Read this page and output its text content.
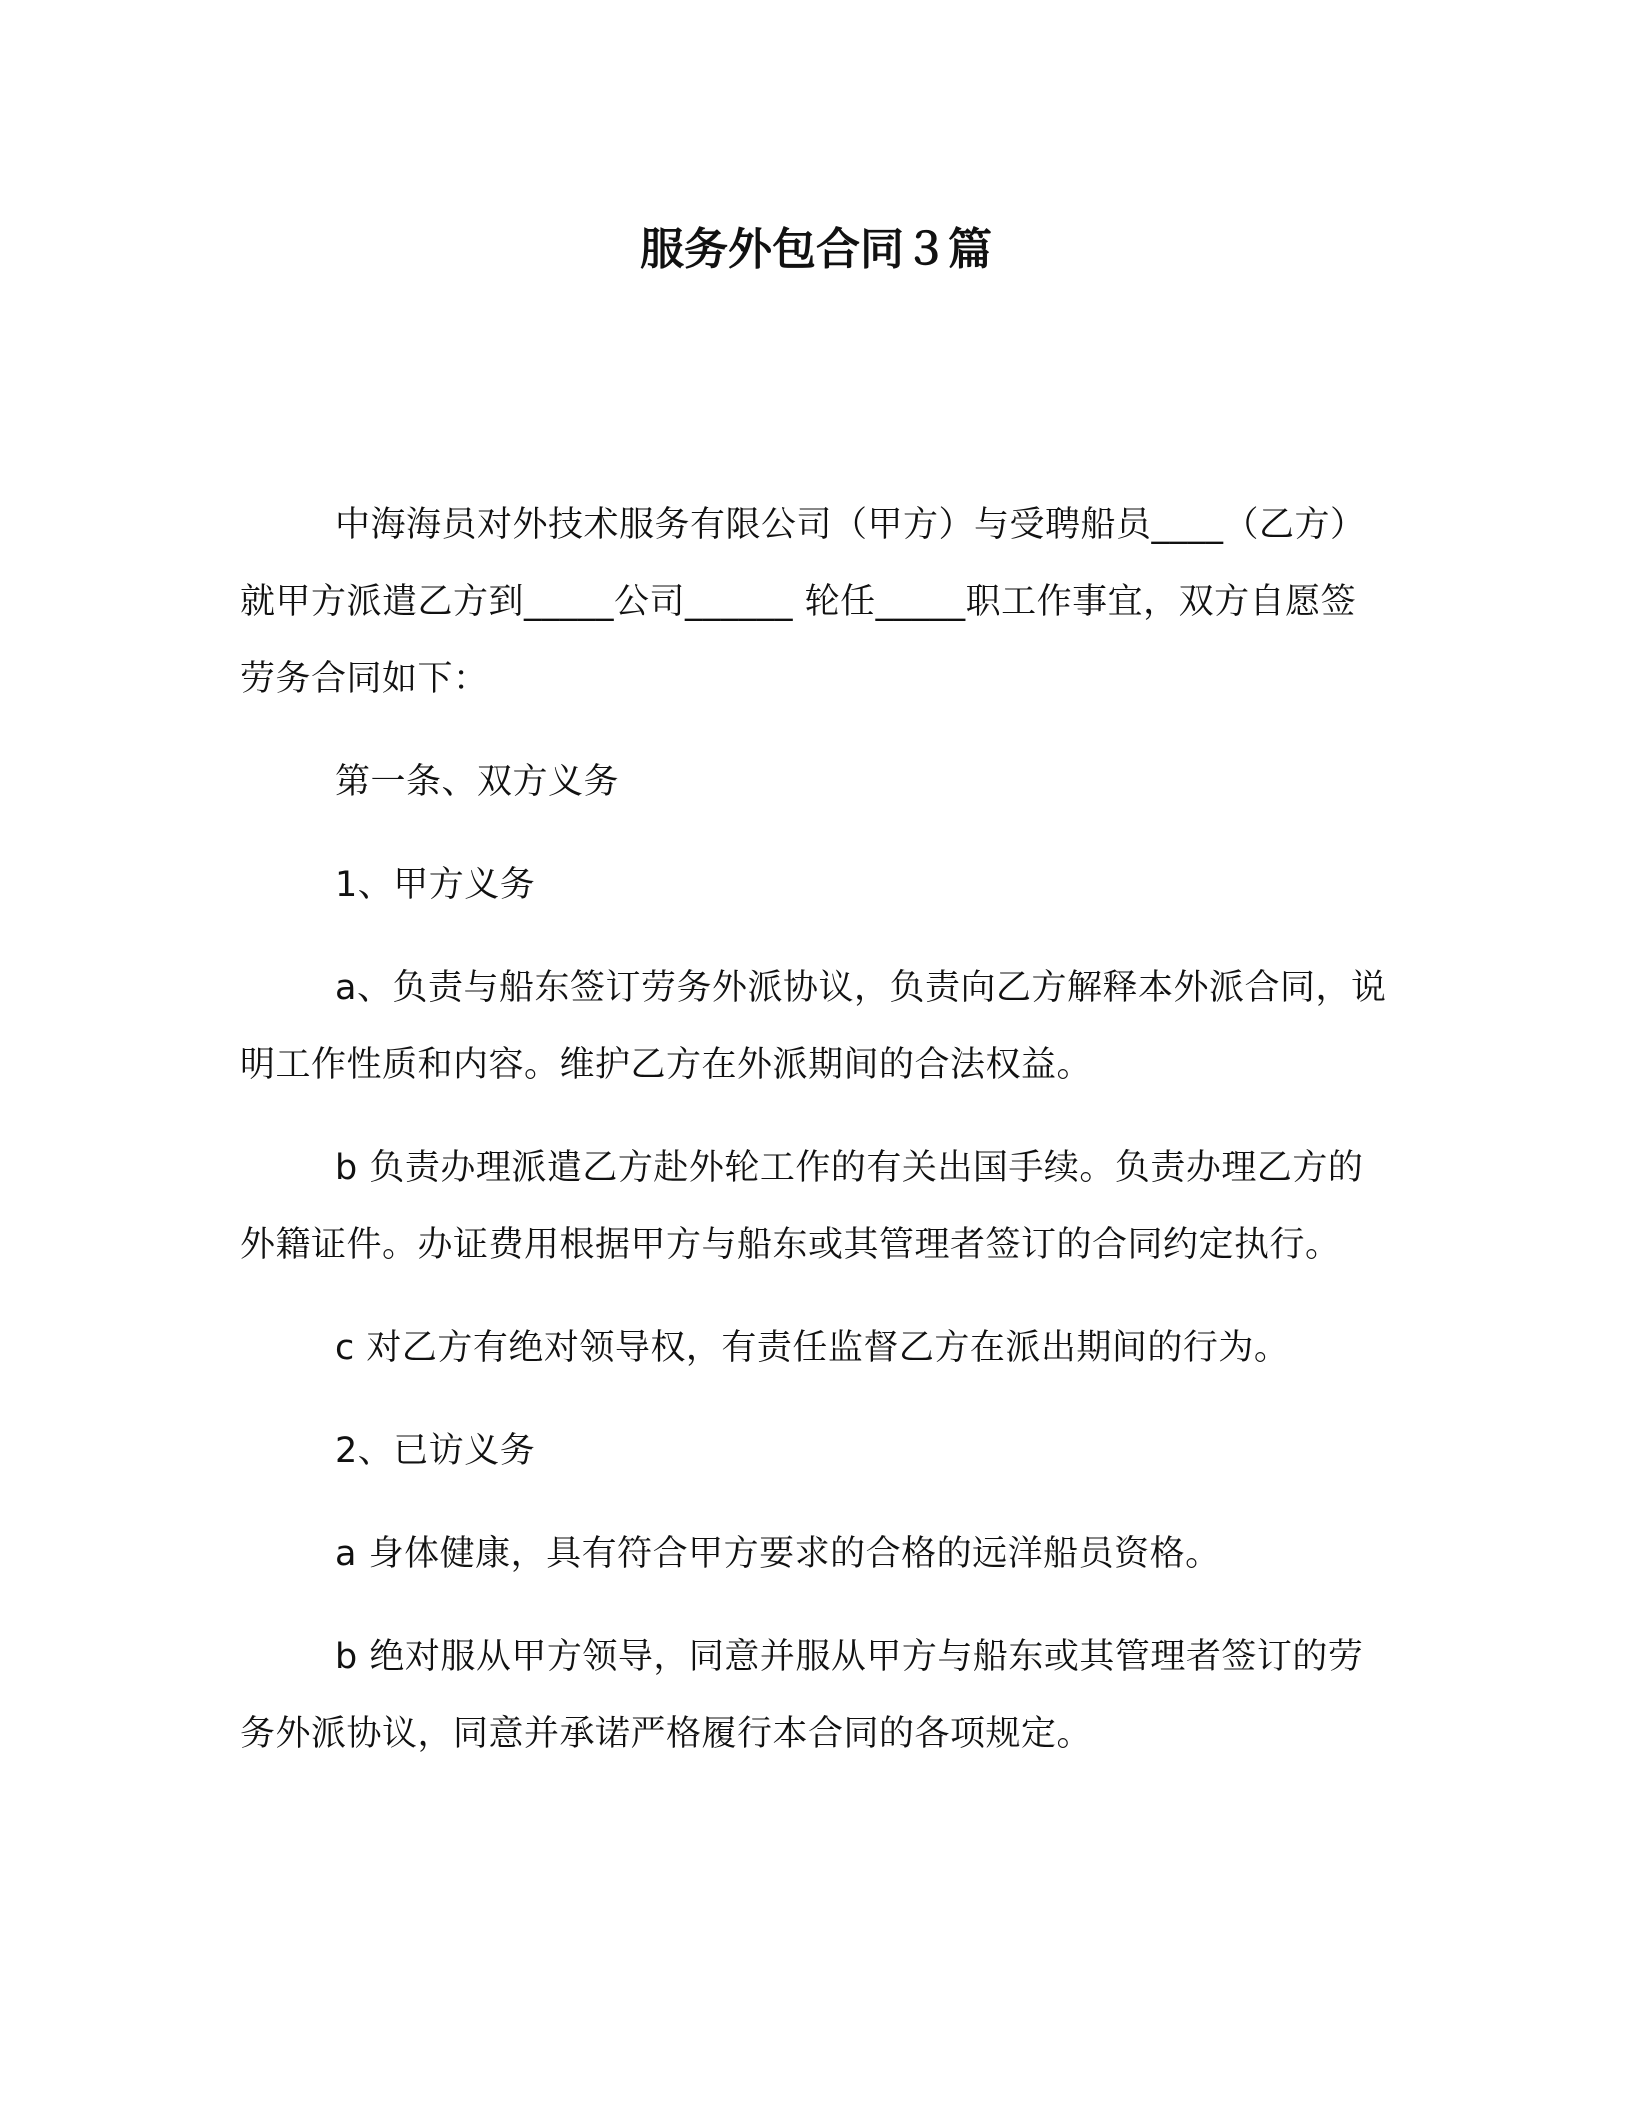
服务外包合同３篇

中海海员对外技术服务有限公司（甲方）与受聘船员____（乙方）就甲方派遣乙方到_____公司______ 轮任_____职工作事宜，双方自愿签劳务合同如下：

第一条、双方义务

1、甲方义务

a、负责与船东签订劳务外派协议，负责向乙方解释本外派合同，说明工作性质和内容。维护乙方在外派期间的合法权益。

b 负责办理派遣乙方赴外轮工作的有关出国手续。负责办理乙方的外籍证件。办证费用根据甲方与船东或其管理者签订的合同约定执行。

c 对乙方有绝对领导权，有责任监督乙方在派出期间的行为。

2、已访义务

a 身体健康，具有符合甲方要求的合格的远洋船员资格。

b 绝对服从甲方领导，同意并服从甲方与船东或其管理者签订的劳务外派协议，同意并承诺严格履行本合同的各项规定。
